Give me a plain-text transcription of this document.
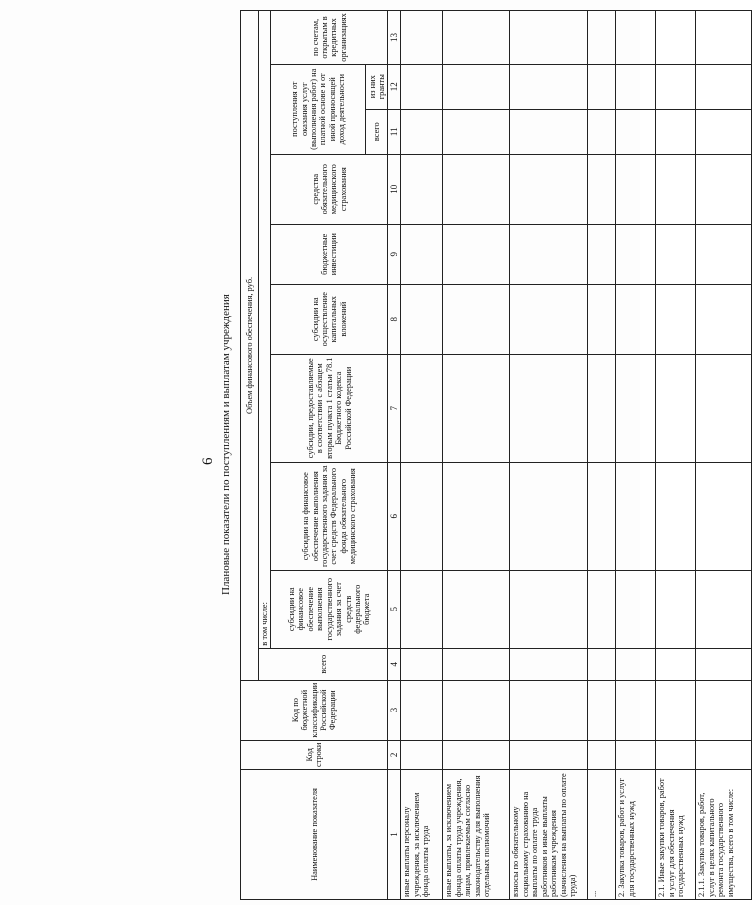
6 Плановые показатели по поступлениям и выплатам учреждения
Наименование показателя	Код строки	Код по бюджетной классификации Российской Федерации	Объем финансового обеспечения, руб.									
			всего	в том числе:								
				субсидии на финансовое обеспечение выполнения государственного задания за счет средств федерального бюджета	субсидии на финансовое обеспечение выполнения государственного задания за счет средств Федерального фонда обязательного медицинского страхования	субсидии, предоставляемые в соответствии с абзацем вторым пункта 1 статьи 78.1 Бюджетного кодекса Российской Федерации	субсидии на осуществление капитальных вложений	бюджетные инвестиции	средства обязательного медицинского страхования	поступления от оказания услуг (выполнения работ) на платной основе и от иной приносящей доход деятельности		по счетам, открытым в кредитных организациях
										всего	из них гранты	
1	2	3	4	5	6	7	8	9	10	11	12	13
иные выплаты персоналу учреждения, за исключением фонда оплаты труда												
иные выплаты, за исключением фонда оплаты труда учреждения, лицам, привлекаемым согласно законодательству для выполнения отдельных полномочий												
взносы по обязательному социальному страхованию на выплаты по оплате труда работников и иные выплаты работникам учреждения (начисления на выплаты по оплате труда)												
...												
2. Закупка товаров, работ и услуг для государственных нужд												
2.1. Иные закупки товаров, работ и услуг для обеспечения государственных нужд												
2.1.1. Закупка товаров, работ, услуг в целях капитального ремонта государственного имущества, всего в том числе:												
